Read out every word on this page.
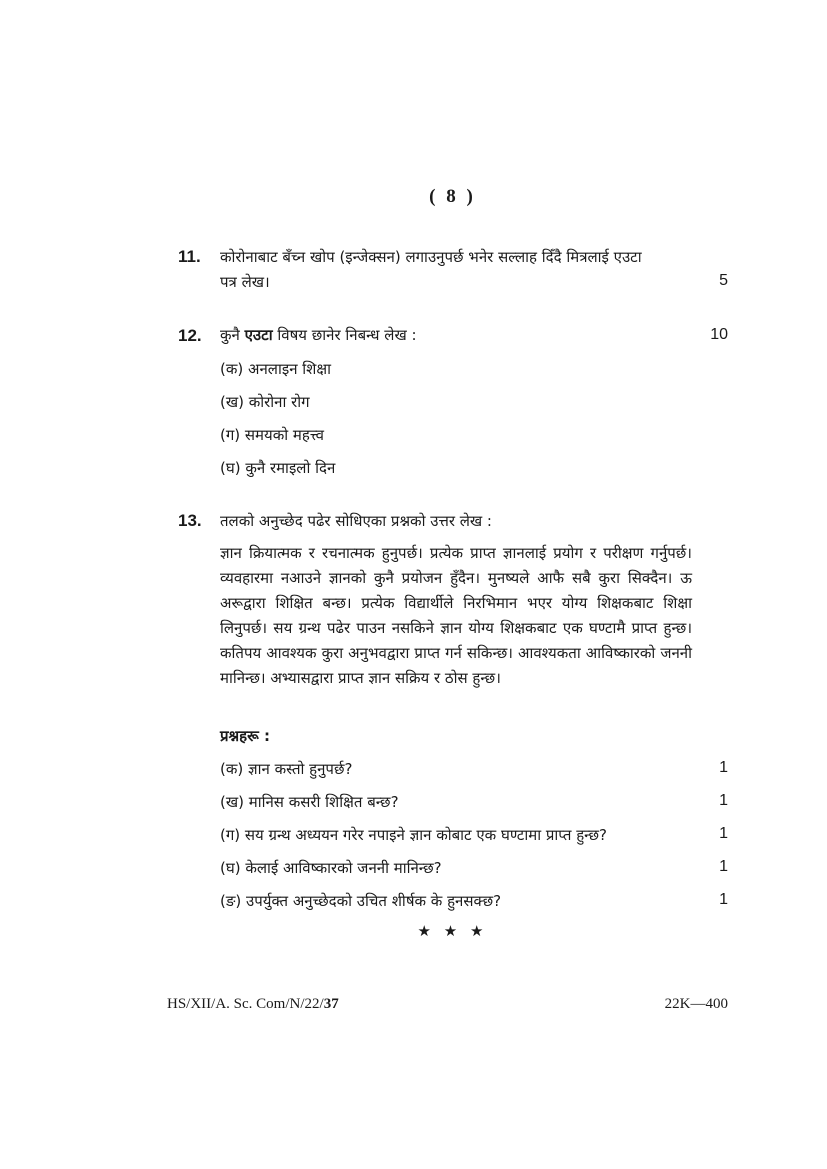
( 8 )
11. कोरोनाबाट बँच्न खोप (इन्जेक्सन) लगाउनुपर्छ भनेर सल्लाह दिँदै मित्रलाई एउटा
पत्र लेख।	5
12. कुनै एउटा विषय छानेर निबन्ध लेख :	10
(क) अनलाइन शिक्षा
(ख) कोरोना रोग
(ग) समयको महत्त्व
(घ) कुनै रमाइलो दिन
13. तलको अनुच्छेद पढेर सोधिएका प्रश्नको उत्तर लेख :
ज्ञान क्रियात्मक र रचनात्मक हुनुपर्छ। प्रत्येक प्राप्त ज्ञानलाई प्रयोग र परीक्षण गर्नुपर्छ। व्यवहारमा नआउने ज्ञानको कुनै प्रयोजन हुँदैन। मुनष्यले आफै सबै कुरा सिक्दैन। ऊ अरूद्वारा शिक्षित बन्छ। प्रत्येक विद्यार्थीले निरभिमान भएर योग्य शिक्षकबाट शिक्षा लिनुपर्छ। सय ग्रन्थ पढेर पाउन नसकिने ज्ञान योग्य शिक्षकबाट एक घण्टामै प्राप्त हुन्छ। कतिपय आवश्यक कुरा अनुभवद्वारा प्राप्त गर्न सकिन्छ। आवश्यकता आविष्कारको जननी मानिन्छ। अभ्यासद्वारा प्राप्त ज्ञान सक्रिय र ठोस हुन्छ।
प्रश्नहरू :
(क) ज्ञान कस्तो हुनुपर्छ?	1
(ख) मानिस कसरी शिक्षित बन्छ?	1
(ग) सय ग्रन्थ अध्ययन गरेर नपाइने ज्ञान कोबाट एक घण्टामा प्राप्त हुन्छ?	1
(घ) केलाई आविष्कारको जननी मानिन्छ?	1
(ङ) उपर्युक्त अनुच्छेदको उचित शीर्षक के हुनसक्छ?	1
★ ★ ★
HS/XII/A. Sc. Com/N/22/37	22K—400
